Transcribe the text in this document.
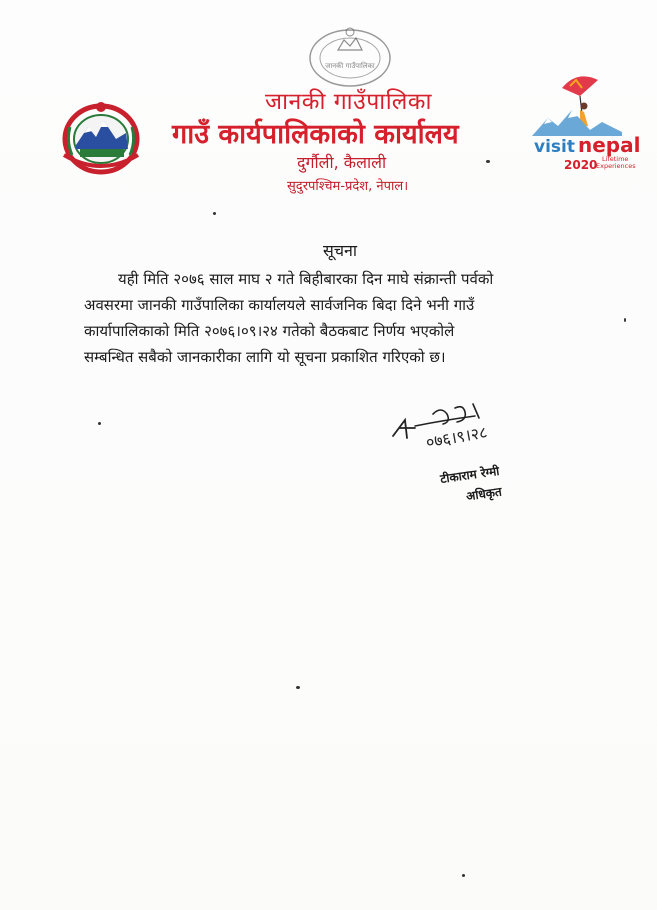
जानकी गाउँपालिका
जानकी गाउँपालिका
गाउँ कार्यपालिकाको कार्यालय
दुर्गौली, कैलाली
सुदुरपश्चिम-प्रदेश, नेपाल।
visit nepal
2020 Lifetime
Experiences
सूचना
यही मिति २०७६ साल माघ २ गते बिहीबारका दिन माघे संक्रान्ती पर्वको
अवसरमा जानकी गाउँपालिका कार्यालयले सार्वजनिक बिदा दिने भनी गाउँ
कार्यापालिकाको मिति २०७६।०९।२४ गतेको बैठकबाट निर्णय भएकोले
सम्बन्धित सबैको जानकारीका लागि यो सूचना प्रकाशित गरिएको छ।
०७६।९।२८
टीकाराम रेग्मी
अधिकृत
